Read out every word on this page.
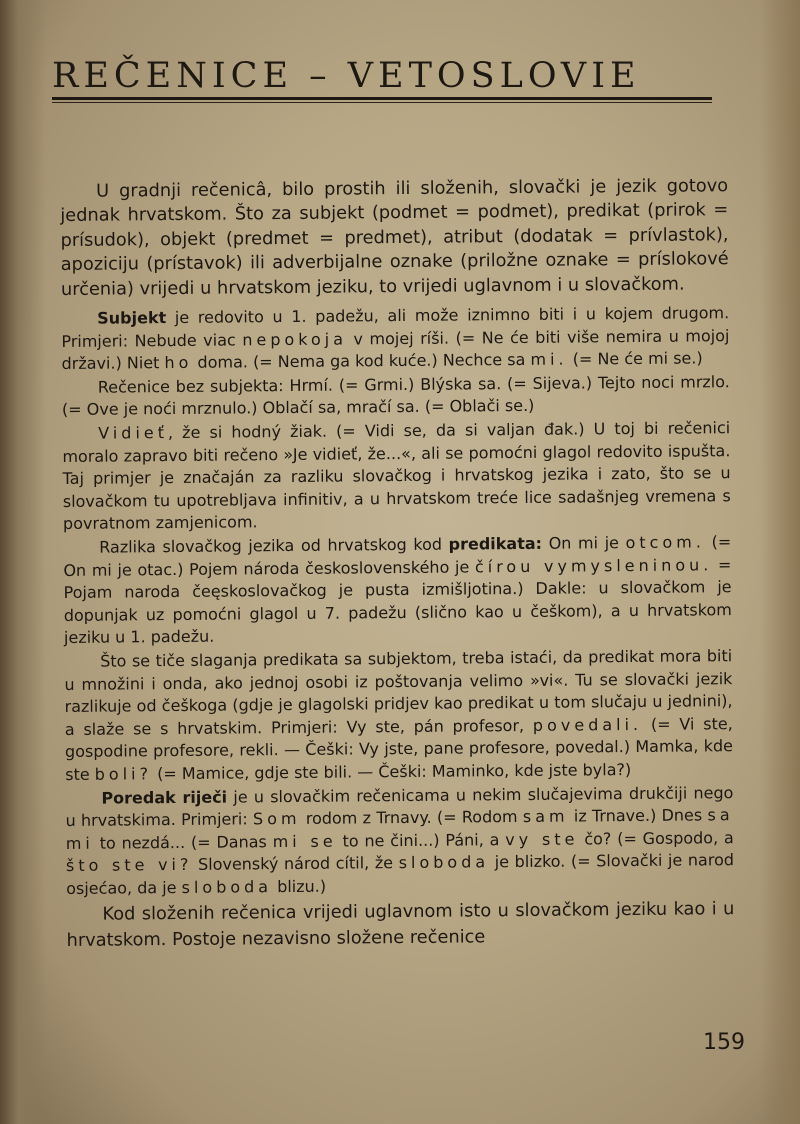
REČENICE – VETOSLOVIE

U gradnji rečenicâ, bilo prostih ili složenih, slovački je jezik gotovo jednak hrvatskom. Što za subjekt (podmet = podmet), predikat (prirok = prísudok), objekt (predmet = predmet), atribut (dodatak = prívlastok), apoziciju (prístavok) ili adverbijalne oznake (priložne oznake = príslokové určenia) vrijedi u hrvatskom jeziku, to vrijedi uglavnom i u slovačkom.

Subjekt je redovito u 1. padežu, ali može iznimno biti i u kojem drugom. Primjeri: Nebude viac nepokoja v mojej ríši. (= Ne će biti više nemira u mojoj državi.) Niet ho doma. (= Nema ga kod kuće.) Nechce sa mi. (= Ne će mi se.)

Rečenice bez subjekta: Hrmí. (= Grmi.) Blýska sa. (= Sijeva.) Tejto noci mrzlo. (= Ove je noći mrznulo.) Oblačí sa, mračí sa. (= Oblači se.)

Vidieť, že si hodný žiak. (= Vidi se, da si valjan đak.) U toj bi rečenici moralo zapravo biti rečeno »Je vidieť, že...«, ali se pomoćni glagol redovito ispušta. Taj primjer je značaján za razliku slovačkog i hrvatskog jezika i zato, što se u slovačkom tu upotrebljava infinitiv, a u hrvatskom treće lice sadašnjeg vremena s povratnom zamjenicom.

Razlika slovačkog jezika od hrvatskog kod predikata: On mi je otcom. (= On mi je otac.) Pojem národa československého je čírou vymysleninou. = Pojam naroda čeęskoslovačkog je pusta izmišljotina.) Dakle: u slovačkom je dopunjak uz pomoćni glagol u 7. padežu (slično kao u češkom), a u hrvatskom jeziku u 1. padežu.

Što se tiče slaganja predikata sa subjektom, treba istaći, da predikat mora biti u množini i onda, ako jednoj osobi iz poštovanja velimo »vi«. Tu se slovački jezik razlikuje od češkoga (gdje je glagolski pridjev kao predikat u tom slučaju u jednini), a slaže se s hrvatskim. Primjeri: Vy ste, pán profesor, povedali. (= Vi ste, gospodine profesore, rekli. — Češki: Vy jste, pane profesore, povedal.) Mamka, kde ste boli? (= Mamice, gdje ste bili. — Češki: Maminko, kde jste byla?)

Poredak riječi je u slovačkim rečenicama u nekim slučajevima drukčiji nego u hrvatskima. Primjeri: Som rodom z Trnavy. (= Rodom sam iz Trnave.) Dnes sa mi to nezdá... (= Danas mi se to ne čini...) Páni, a vy ste čo? (= Gospodo, a što ste vi? Slovenský národ cítil, že sloboda je blizko. (= Slovački je narod osjećao, da je sloboda blizu.)

Kod složenih rečenica vrijedi uglavnom isto u slovačkom jeziku kao i u hrvatskom. Postoje nezavisno složene rečenice

159
